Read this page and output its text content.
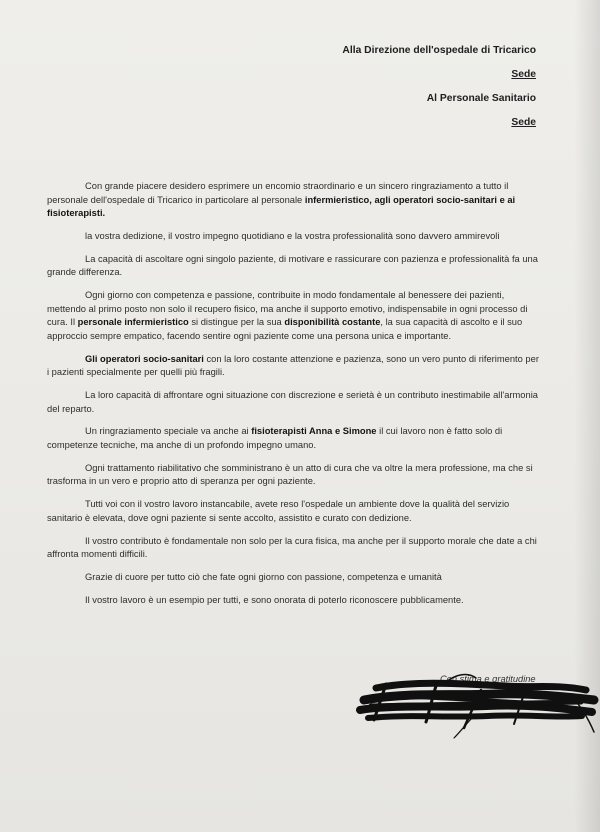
Alla Direzione dell'ospedale di Tricarico
Sede
Al Personale Sanitario
Sede

Con grande piacere desidero esprimere un encomio straordinario e un sincero ringraziamento a tutto il personale dell'ospedale di Tricarico in particolare al personale infermieristico, agli operatori socio-sanitari e ai fisioterapisti.

la vostra dedizione, il vostro impegno quotidiano e la vostra professionalità sono davvero ammirevoli

La capacità di ascoltare ogni singolo paziente, di motivare e rassicurare con pazienza e professionalità fa una grande differenza.

Ogni giorno con competenza e passione, contribuite in modo fondamentale al benessere dei pazienti, mettendo al primo posto non solo il recupero fisico, ma anche il supporto emotivo, indispensabile in ogni processo di cura. Il personale infermieristico si distingue per la sua disponibilità costante, la sua capacità di ascolto e il suo approccio sempre empatico, facendo sentire ogni paziente come una persona unica e importante.

Gli operatori socio-sanitari con la loro costante attenzione e pazienza, sono un vero punto di riferimento per i pazienti specialmente per quelli più fragili.

La loro capacità di affrontare ogni situazione con discrezione e serietà è un contributo inestimabile all'armonia del reparto.

Un ringraziamento speciale va anche ai fisioterapisti Anna e Simone il cui lavoro non è fatto solo di competenze tecniche, ma anche di un profondo impegno umano.

Ogni trattamento riabilitativo che somministrano è un atto di cura che va oltre la mera professione, ma che si trasforma in un vero e proprio atto di speranza per ogni paziente.

Tutti voi con il vostro lavoro instancabile, avete reso l'ospedale un ambiente dove la qualità del servizio sanitario è elevata, dove ogni paziente si sente accolto, assistito e curato con dedizione.

Il vostro contributo è fondamentale non solo per la cura fisica, ma anche per il supporto morale che date a chi affronta momenti difficili.

Grazie di cuore per tutto ciò che fate ogni giorno con passione, competenza e umanità

Il vostro lavoro è un esempio per tutti, e sono onorata di poterlo riconoscere pubblicamente.

Con stima e gratitudine
